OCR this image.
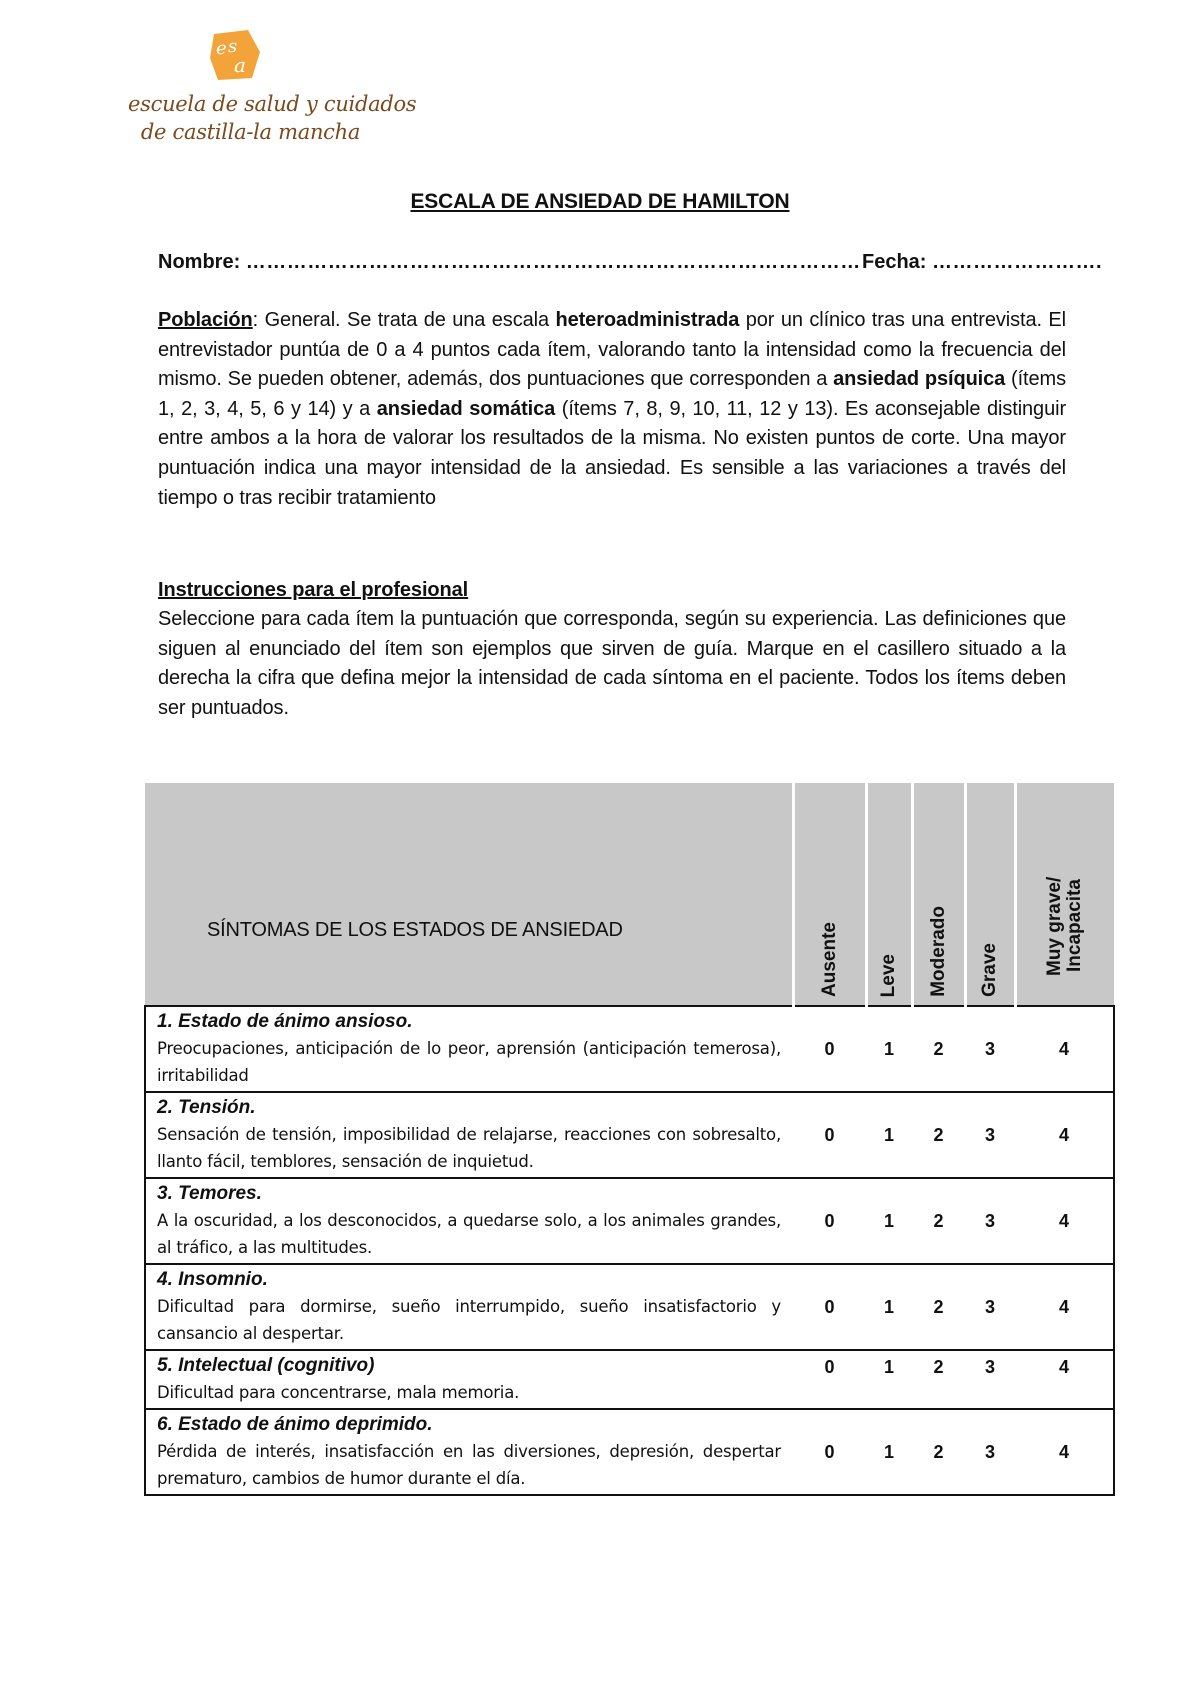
e s
a
escuela de salud y cuidados
de castilla-la mancha
ESCALA DE ANSIEDAD DE HAMILTON
Nombre: ……………………………………………………………………………… Fecha: …………………….
Población: General. Se trata de una escala heteroadministrada por un clínico tras una entrevista. El entrevistador puntúa de 0 a 4 puntos cada ítem, valorando tanto la intensidad como la frecuencia del mismo. Se pueden obtener, además, dos puntuaciones que corresponden a ansiedad psíquica (ítems 1, 2, 3, 4, 5, 6 y 14) y a ansiedad somática (ítems 7, 8, 9, 10, 11, 12 y 13). Es aconsejable distinguir entre ambos a la hora de valorar los resultados de la misma. No existen puntos de corte. Una mayor puntuación indica una mayor intensidad de la ansiedad. Es sensible a las variaciones a través del tiempo o tras recibir tratamiento
Instrucciones para el profesional
Seleccione para cada ítem la puntuación que corresponda, según su experiencia. Las definiciones que siguen al enunciado del ítem son ejemplos que sirven de guía. Marque en el casillero situado a la derecha la cifra que defina mejor la intensidad de cada síntoma en el paciente. Todos los ítems deben ser puntuados.
SÍNTOMAS DE LOS ESTADOS DE ANSIEDAD	Ausente	Leve	Moderado	Grave	Muy grave/ Incapacita

1. Estado de ánimo ansioso.
Preocupaciones, anticipación de lo peor, aprensión (anticipación temerosa), irritabilidad	0	1	2	3	4

2. Tensión.
Sensación de tensión, imposibilidad de relajarse, reacciones con sobresalto, llanto fácil, temblores, sensación de inquietud.	0	1	2	3	4

3. Temores.
A la oscuridad, a los desconocidos, a quedarse solo, a los animales grandes, al tráfico, a las multitudes.	0	1	2	3	4

4. Insomnio.
Dificultad para dormirse, sueño interrumpido, sueño insatisfactorio y cansancio al despertar.	0	1	2	3	4

5. Intelectual (cognitivo)
Dificultad para concentrarse, mala memoria.	0	1	2	3	4

6. Estado de ánimo deprimido.
Pérdida de interés, insatisfacción en las diversiones, depresión, despertar prematuro, cambios de humor durante el día.	0	1	2	3	4
